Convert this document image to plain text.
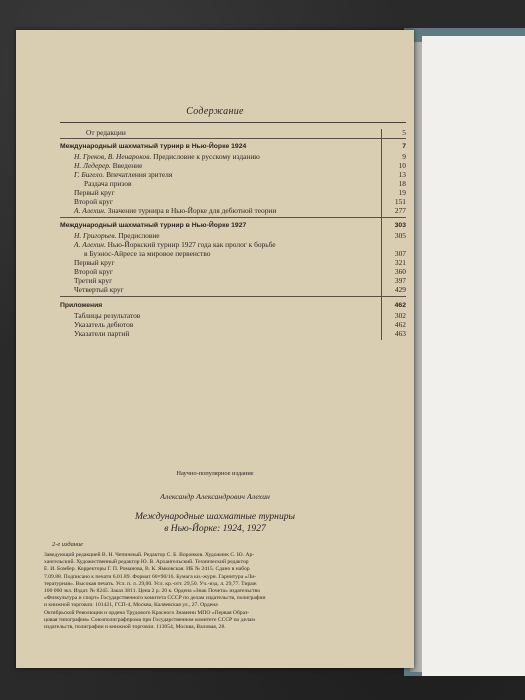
Содержание
От редакции	5
Международный шахматный турнир в Нью-Йорке 1924	7
Н. Греков, В. Ненароков. Предисловие к русскому изданию	9
Н. Ледерер. Введение	10
Г. Бигело. Впечатления зрителя	13
Раздача призов	18
Первый круг	19
Второй круг	151
А. Алехин. Значение турнира в Нью-Йорке для дебютной теории	277
Международный шахматный турнир в Нью-Йорке 1927	303
Н. Григорьев. Предисловие	305
А. Алехин. Нью-Йоркский турнир 1927 года как пролог к борьбе
в Буэнос-Айресе за мировое первенство	307
Первый круг	321
Второй круг	360
Третий круг	397
Четвертый круг	429
Приложения	462
Таблицы результатов	302
Указатель дебютов	462
Указатели партий	463
Научно-популярное издание
Александр Александрович Алехин
Международные шахматные турниры
в Нью-Йорке: 1924, 1927
2-е издание
Заведующий редакцией В. Н. Чепижный. Редактор С. Б. Воронков. Художник С. Ю. Ар-
хангельский. Художественный редактор Ю. В. Архангельский. Технический редактор
Е. И. Бомбер. Корректоры Г. П. Романова, В. К. Ямковская. ИБ № 2415. Сдано в набор
7.09.88. Подписано к печати 6.01.89. Формат 60×90/16. Бумага кн.-журн. Гарнитура «Ли-
тературная». Высокая печать. Усл. п. л. 29,00. Усл. кр.-отт. 29,50. Уч.-изд. л. 29,77. Тираж
100 000 экз. Издат. № 8245. Заказ 3811. Цена 2 р. 20 к. Ордена «Знак Почета» издательство
«Физкультура и спорт» Государственного комитета СССР по делам издательств, полиграфии
и книжной торговли. 101421, ГСП-4, Москва, Каляевская ул., 27. Ордена
Октябрьской Революции и ордена Трудового Красного Знамени МПО «Первая Образ-
цовая типография» Союзполиграфпрома при Государственном комитете СССР по делам
издательств, полиграфии и книжной торговли. 113054, Москва, Валовая, 28.
